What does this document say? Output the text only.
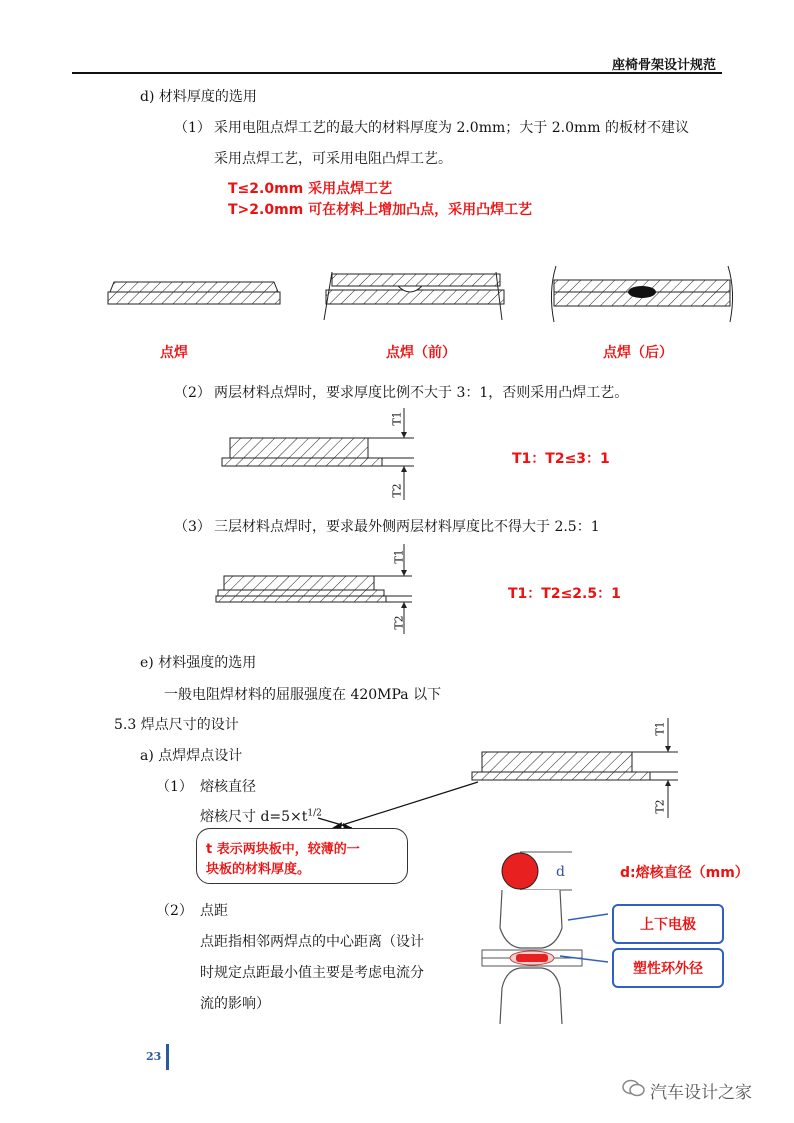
座椅骨架设计规范
d) 材料厚度的选用
（1） 采用电阻点焊工艺的最大的材料厚度为 2.0mm；大于 2.0mm 的板材不建议
采用点焊工艺，可采用电阻凸焊工艺。
T≤2.0mm 采用点焊工艺
T>2.0mm 可在材料上增加凸点，采用凸焊工艺
点焊	点焊（前）	点焊（后）
（2） 两层材料点焊时，要求厚度比例不大于 3：1，否则采用凸焊工艺。
T1
T2
T1：T2≤3：1
（3） 三层材料点焊时，要求最外侧两层材料厚度比不得大于 2.5：1
T1
T2
T1：T2≤2.5：1
e) 材料强度的选用
一般电阻焊材料的屈服强度在 420MPa 以下
5.3 焊点尺寸的设计
a) 点焊焊点设计
（1） 熔核直径
熔核尺寸 $d=5\times t^{1/2}$
T1
T2
t 表示两块板中，较薄的一
块板的材料厚度。	d	d:熔核直径（mm）
（2） 点距
点距指相邻两焊点的中心距离（设计
时规定点距最小值主要是考虑电流分
流的影响）
上下电极
塑性环外径
23
汽车设计之家
